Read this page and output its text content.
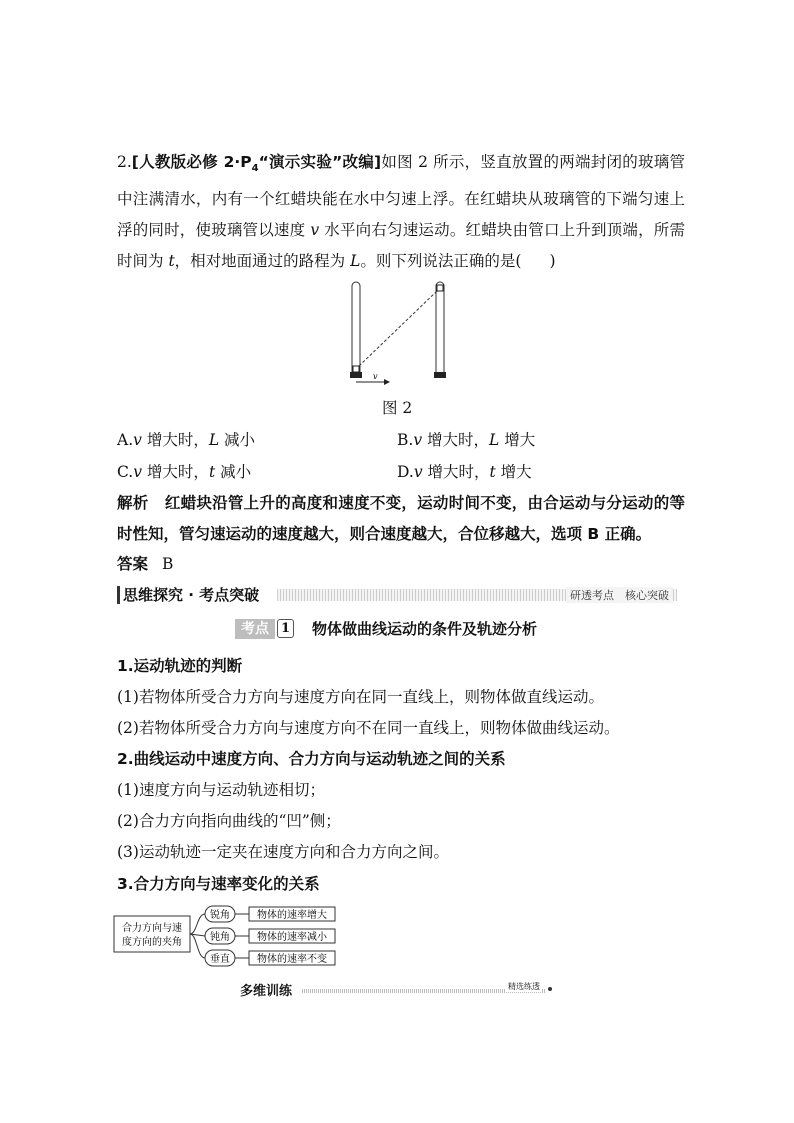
2.[人教版必修 $2\cdot P_4“$演示实验”改编]如图 2 所示，竖直放置的两端封闭的玻璃管中注满清水，内有一个红蜡块能在水中匀速上浮。在红蜡块从玻璃管的下端匀速上浮的同时，使玻璃管以速度 v 水平向右匀速运动。红蜡块由管口上升到顶端，所需时间为 t，相对地面通过的路程为 L。则下列说法正确的是( )
v
图 2
A.v 增大时，L 减小	B.v 增大时，L 增大
C.v 增大时，t 减小	D.v 增大时，t 增大
解析 红蜡块沿管上升的高度和速度不变，运动时间不变，由合运动与分运动的等时性知，管匀速运动的速度越大，则合速度越大，合位移越大，选项 B 正确。
答案 B
思维探究 · 考点突破	研透考点　核心突破
考点 1 物体做曲线运动的条件及轨迹分析
1.运动轨迹的判断
(1)若物体所受合力方向与速度方向在同一直线上，则物体做直线运动。
(2)若物体所受合力方向与速度方向不在同一直线上，则物体做曲线运动。
2.曲线运动中速度方向、合力方向与运动轨迹之间的关系
(1)速度方向与运动轨迹相切；
(2)合力方向指向曲线的“凹”侧；
(3)运动轨迹一定夹在速度方向和合力方向之间。
3.合力方向与速率变化的关系
合力方向与速
度方向的夹角
锐角	物体的速率增大
钝角	物体的速率减小
垂直	物体的速率不变
多维训练	精选练透
